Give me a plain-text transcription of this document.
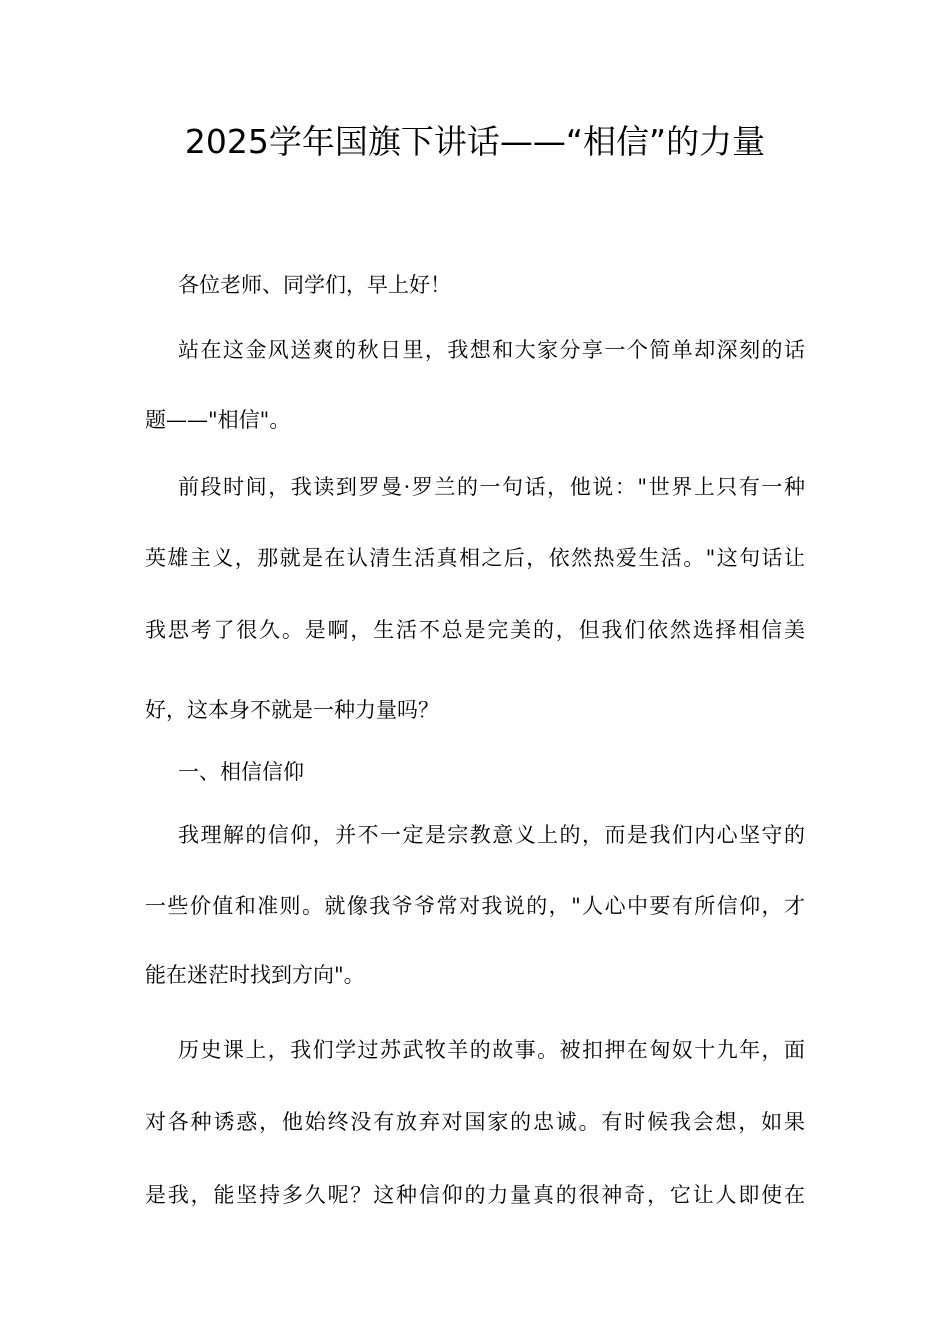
2025学年国旗下讲话——“相信”的力量
各位老师、同学们，早上好！
站在这金风送爽的秋日里，我想和大家分享一个简单却深刻的话
题——"相信"。
前段时间，我读到罗曼·罗兰的一句话，他说："世界上只有一种
英雄主义，那就是在认清生活真相之后，依然热爱生活。"这句话让
我思考了很久。是啊，生活不总是完美的，但我们依然选择相信美
好，这本身不就是一种力量吗？
一、相信信仰
我理解的信仰，并不一定是宗教意义上的，而是我们内心坚守的
一些价值和准则。就像我爷爷常对我说的，"人心中要有所信仰，才
能在迷茫时找到方向"。
历史课上，我们学过苏武牧羊的故事。被扣押在匈奴十九年，面
对各种诱惑，他始终没有放弃对国家的忠诚。有时候我会想，如果
是我，能坚持多久呢？这种信仰的力量真的很神奇，它让人即使在
